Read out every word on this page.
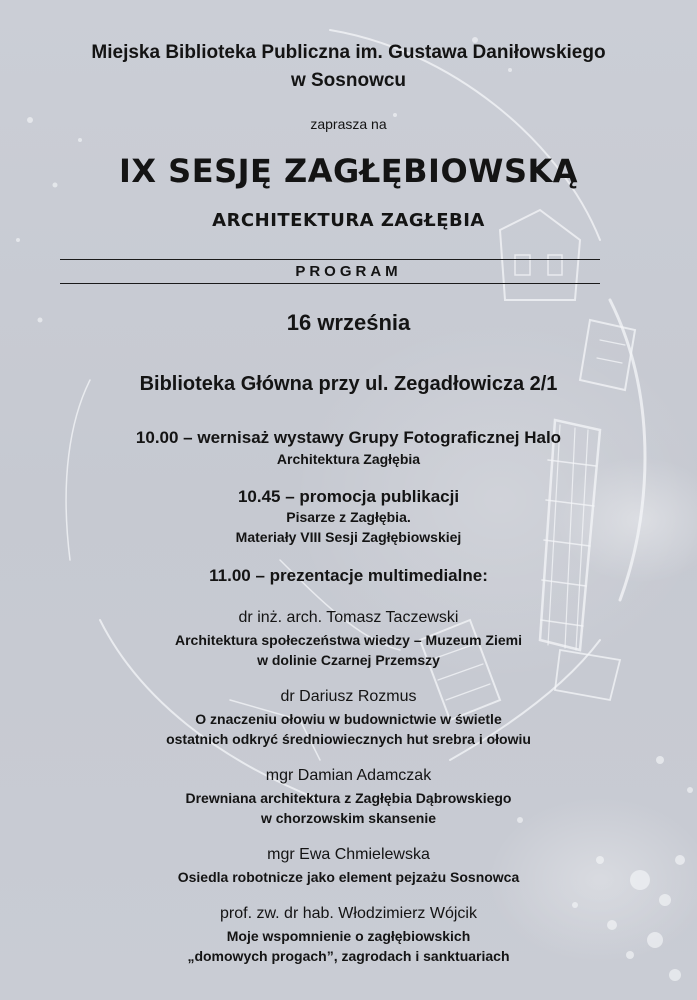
Miejska Biblioteka Publiczna im. Gustawa Daniłowskiego
w Sosnowcu
zaprasza na
IX SESJĘ ZAGŁĘBIOWSKĄ
ARCHITEKTURA ZAGŁĘBIA
PROGRAM
16 września
Biblioteka Główna przy ul. Zegadłowicza 2/1
10.00 – wernisaż wystawy Grupy Fotograficznej Halo
Architektura Zagłębia
10.45 – promocja publikacji
Pisarze z Zagłębia.
Materiały VIII Sesji Zagłębiowskiej
11.00 – prezentacje multimedialne:
dr inż. arch. Tomasz Taczewski
Architektura społeczeństwa wiedzy – Muzeum Ziemi
w dolinie Czarnej Przemszy
dr Dariusz Rozmus
O znaczeniu ołowiu w budownictwie w świetle
ostatnich odkryć średniowiecznych hut srebra i ołowiu
mgr Damian Adamczak
Drewniana architektura z Zagłębia Dąbrowskiego
w chorzowskim skansenie
mgr Ewa Chmielewska
Osiedla robotnicze jako element pejzażu Sosnowca
prof. zw. dr hab. Włodzimierz Wójcik
Moje wspomnienie o zagłębiowskich
„domowych progach”, zagrodach i sanktuariach
